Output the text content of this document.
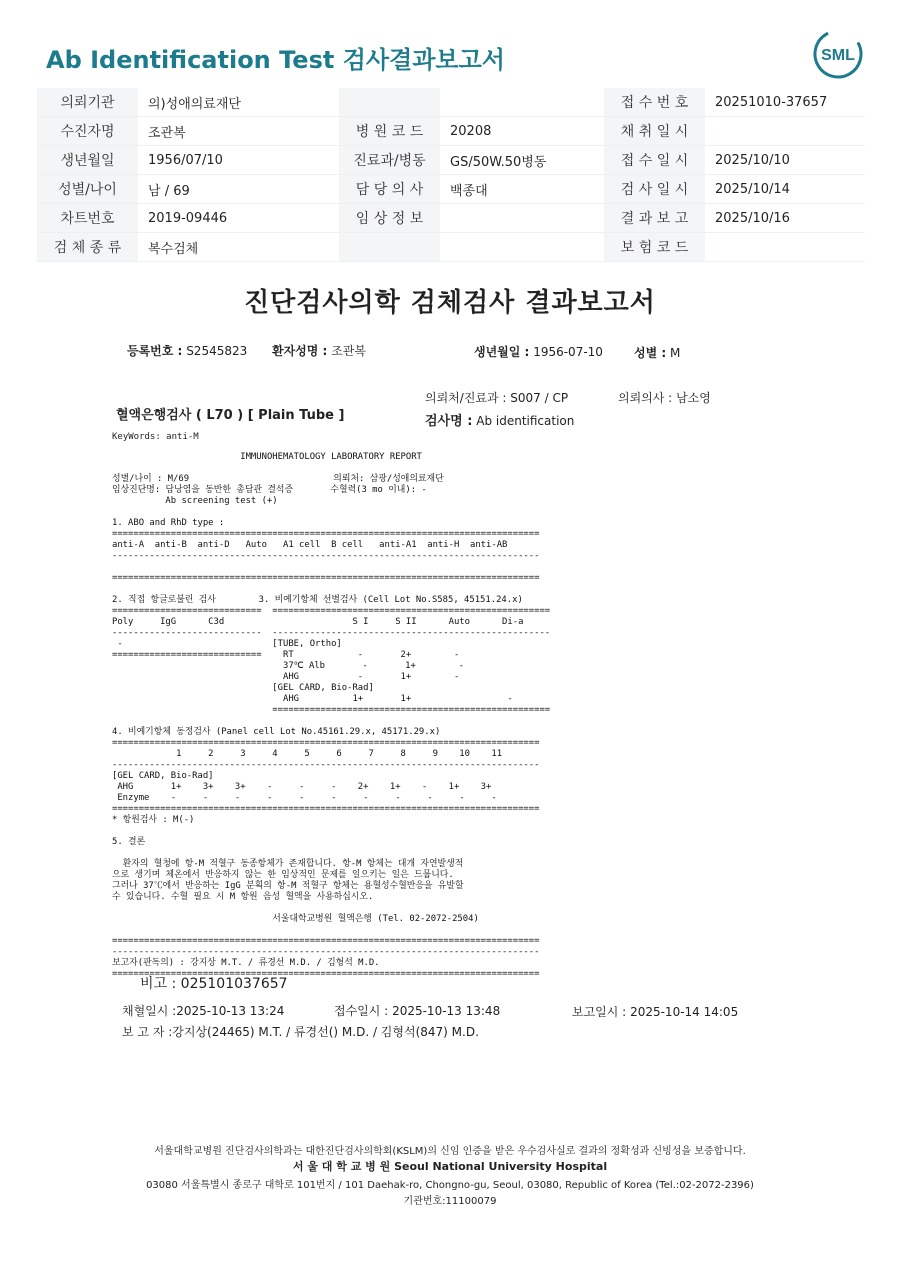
Ab Identification Test 검사결과보고서	SML
의뢰기관	의)성애의료재단			접 수 번 호	20251010-37657
수진자명	조관복	병 원 코 드	20208	채 취 일 시	
생년월일	1956/07/10	진료과/병동	GS/50W.50병동	접 수 일 시	2025/10/10
성별/나이	남 / 69	담 당 의 사	백종대	검 사 일 시	2025/10/14
차트번호	2019-09446	임 상 정 보		결 과 보 고	2025/10/16
검 체 종 류	복수검체			보 험 코 드	
진단검사의학 검체검사 결과보고서
등록번호 : S2545823 환자성명 : 조관복	생년월일 : 1956-07-10	성별 : M
의뢰처/진료과 : S007 / CP	의뢰의사 : 남소영
혈액은행검사 ( L70 ) [ Plain Tube ]	검사명 : Ab identification
KeyWords: anti-M
IMMUNOHEMATOLOGY LABORATORY REPORT

성별/나이 : M/69                           의뢰처: 삼광/성애의료재단
임상진단명: 담낭염을 동반한 총담관 결석증       수혈력(3 mo 이내): -
Ab screening test (+)

1. ABO and RhD type :
================================================================================
anti-A  anti-B  anti-D   Auto   A1 cell  B cell   anti-A1  anti-H  anti-AB
--------------------------------------------------------------------------------

================================================================================

2. 직접 항글로불린 검사        3. 비예기항체 선별검사 (Cell Lot No.S585, 45151.24.x)
============================  ====================================================
Poly     IgG      C3d                        S I     S II      Auto      Di-a
----------------------------  ----------------------------------------------------
-                            [TUBE, Ortho]
============================    RT            -       2+        -
37℃ Alb       -       1+        -
AHG           -       1+        -
[GEL CARD, Bio-Rad]
AHG          1+       1+                  -
====================================================

4. 비예기항체 동정검사 (Panel cell Lot No.45161.29.x, 45171.29.x)
================================================================================
1     2     3     4     5     6     7     8     9    10    11
--------------------------------------------------------------------------------
[GEL CARD, Bio-Rad]
AHG       1+    3+    3+    -     -     -    2+    1+    -    1+    3+
Enzyme    -     -     -     -     -     -     -     -     -     -     -
================================================================================
* 항원검사 : M(-)

5. 결론

환자의 혈청에 항-M 적혈구 동종항체가 존재합니다. 항-M 항체는 대개 자연발생적
으로 생기며 체온에서 반응하지 않는 한 임상적인 문제를 일으키는 일은 드뭅니다.
그러나 37℃에서 반응하는 IgG 분획의 항-M 적혈구 항체는 용혈성수혈반응을 유발할
수 있습니다. 수혈 필요 시 M 항원 음성 혈액을 사용하십시오.

서울대학교병원 혈액은행 (Tel. 02-2072-2504)

================================================================================
--------------------------------------------------------------------------------
보고자(판독의) : 강지상 M.T. / 류경선 M.D. / 김형석 M.D.
================================================================================
비고 : 025101037657
채혈일시 :2025-10-13 13:24	접수일시 : 2025-10-13 13:48	보고일시 : 2025-10-14 14:05
보 고 자 :강지상(24465) M.T. / 류경선() M.D. / 김형석(847) M.D.
서울대학교병원 진단검사의학과는 대한진단검사의학회(KSLM)의 신임 인증을 받은 우수검사실로 결과의 정확성과 신빙성을 보증합니다.
서 울 대 학 교 병 원 Seoul National University Hospital
03080 서울특별시 종로구 대학로 101번지 / 101 Daehak-ro, Chongno-gu, Seoul, 03080, Republic of Korea (Tel.:02-2072-2396)
기관번호:11100079
